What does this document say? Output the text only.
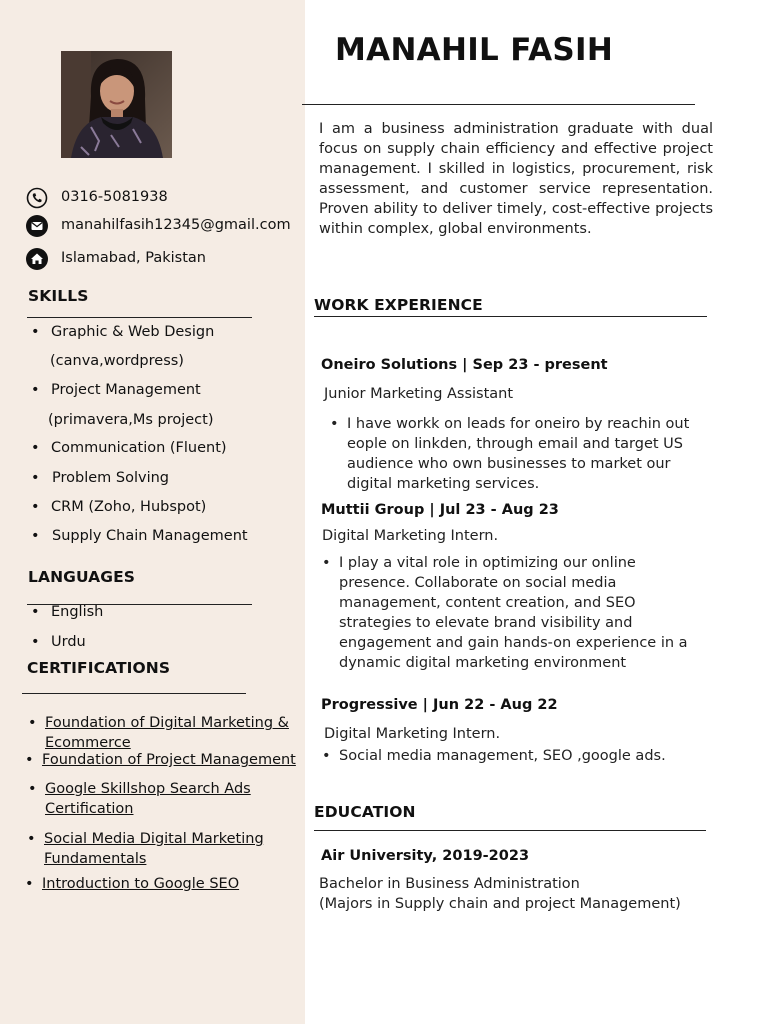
0316-5081938
manahilfasih12345@gmail.com
Islamabad, Pakistan
SKILLS
• Graphic & Web Design
(canva,wordpress)
• Project Management
(primavera,Ms project)
• Communication (Fluent)
• Problem Solving
• CRM (Zoho, Hubspot)
• Supply Chain Management
LANGUAGES
• English
• Urdu
CERTIFICATIONS
• Foundation of Digital Marketing & Ecommerce
• Foundation of Project Management
• Google Skillshop Search Ads Certification
• Social Media Digital Marketing Fundamentals
• Introduction to Google SEO
MANAHIL FASIH
I am a business administration graduate with dual focus on supply chain efficiency and effective project management. I skilled in logistics, procurement, risk assessment, and customer service representation. Proven ability to deliver timely, cost-effective projects within complex, global environments.
WORK EXPERIENCE
Oneiro Solutions | Sep 23 - present
Junior Marketing Assistant
• I have workk on leads for oneiro by reachin out eople on linkden, through email and target US audience who own businesses to market our digital marketing services.
Muttii Group | Jul 23 - Aug 23
Digital Marketing Intern.
• I play a vital role in optimizing our online presence. Collaborate on social media management, content creation, and SEO strategies to elevate brand visibility and engagement and gain hands-on experience in a dynamic digital marketing environment
Progressive | Jun 22 - Aug 22
Digital Marketing Intern.
• Social media management, SEO ,google ads.
EDUCATION
Air University, 2019-2023
Bachelor in Business Administration
(Majors in Supply chain and project Management)
